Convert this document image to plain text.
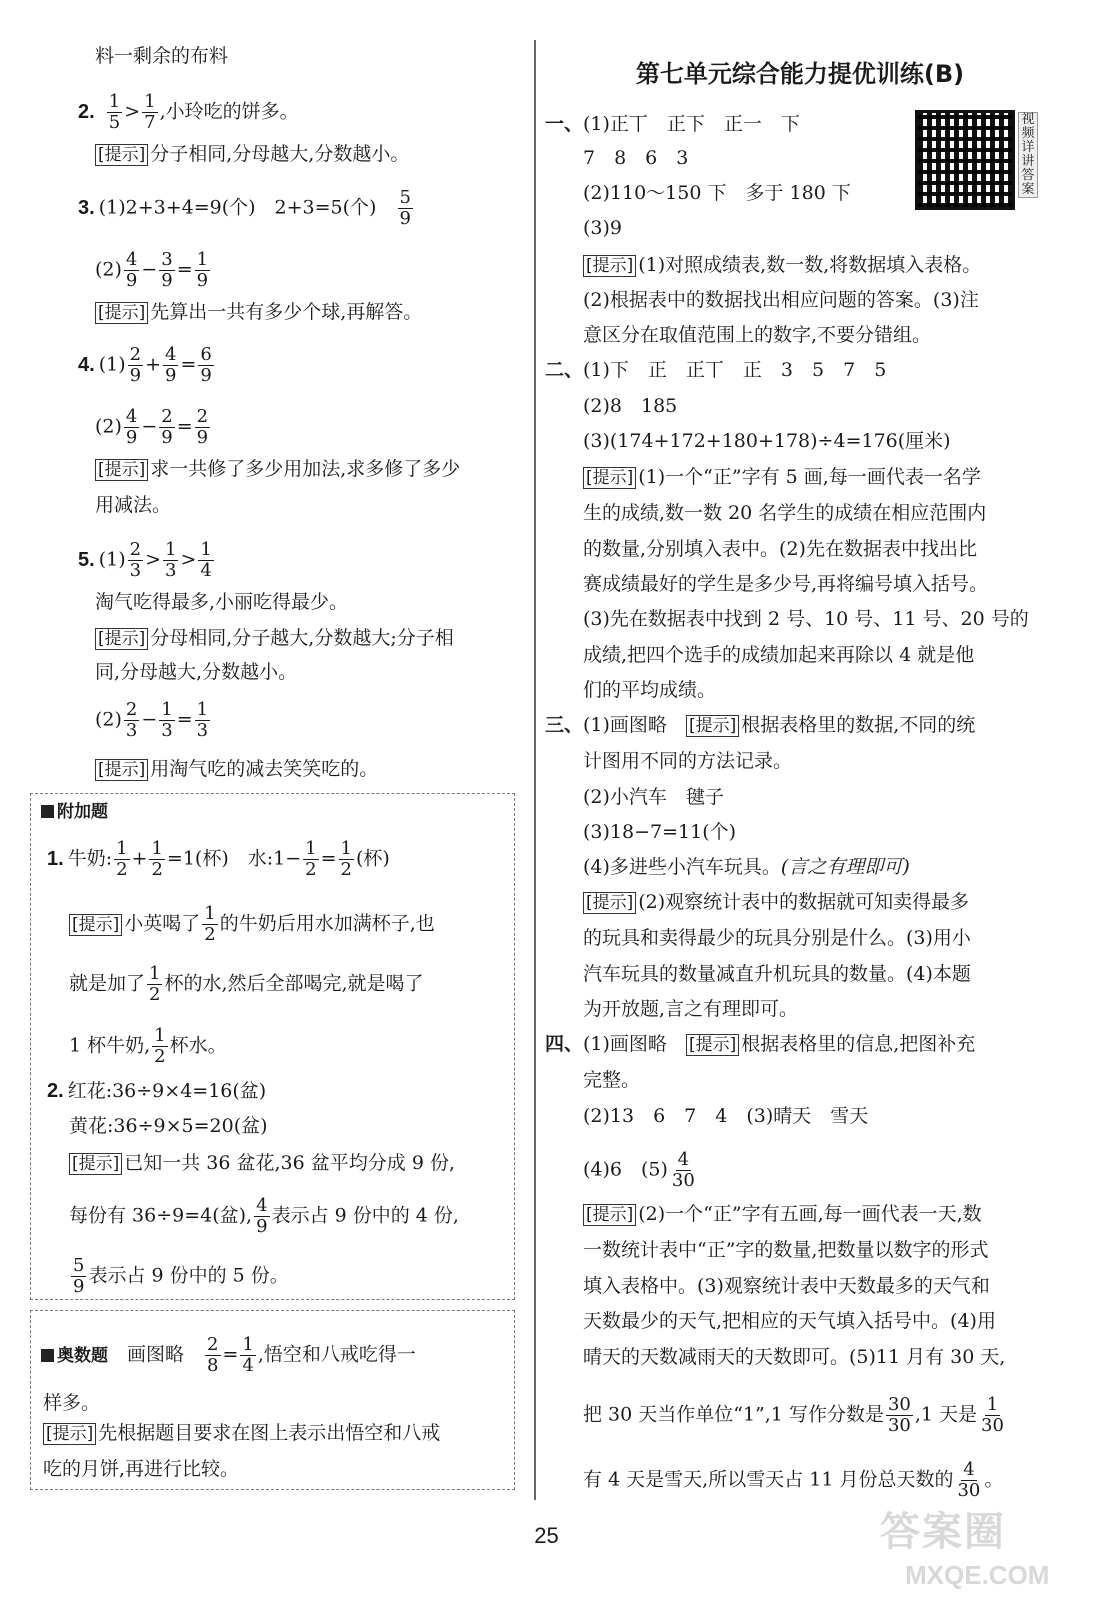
料一剩余的布料
2. $\frac{1}{5} > \frac{1}{7}$ ,小玲吃的饼多。
[提示] 分子相同,分母越大,分数越小。
3. (1)2+3+4=9(个)　2+3=5(个)　 $\frac{5}{9}$
$(2) \frac{4}{9} - \frac{3}{9} = \frac{1}{9}$
[提示] 先算出一共有多少个球,再解答。
4. $(1) \frac{2}{9} + \frac{4}{9} = \frac{6}{9}$
$(2) \frac{4}{9} - \frac{2}{9} = \frac{2}{9}$
[提示] 求一共修了多少用加法,求多修了多少
用减法。
5. $(1) \frac{2}{3} > \frac{1}{3} > \frac{1}{4}$
淘气吃得最多,小丽吃得最少。
[提示] 分母相同,分子越大,分数越大;分子相
同,分母越大,分数越小。
$(2) \frac{2}{3} - \frac{1}{3} = \frac{1}{3}$
[提示] 用淘气吃的减去笑笑吃的。
附加题
1. 牛奶: $\frac{1}{2} + \frac{1}{2} =1$(杯)　水:1− $\frac{1}{2} = \frac{1}{2}$ (杯)
[提示] 小英喝了 $\frac{1}{2}$ 的牛奶后用水加满杯子,也
就是加了 $\frac{1}{2}$ 杯的水,然后全部喝完,就是喝了
1 杯牛奶, $\frac{1}{2}$ 杯水。
2. 红花:36÷9×4=16(盆)
黄花:36÷9×5=20(盆)
[提示] 已知一共 36 盆花,36 盆平均分成 9 份,
每份有 36÷9=4(盆), $\frac{4}{9}$ 表示占 9 份中的 4 份,
$\frac{5}{9}$ 表示占 9 份中的 5 份。
奥数题　 画图略　 $\frac{2}{8} = \frac{1}{4}$ ,悟空和八戒吃得一
样多。
[提示] 先根据题目要求在图上表示出悟空和八戒
吃的月饼,再进行比较。
第七单元综合能力提优训练(B)
视频详讲答案
一、(1)正丅　正下　正一　下
7　8　6　3
(2)110～150 下　多于 180 下
(3)9
[提示] (1)对照成绩表,数一数,将数据填入表格。
(2)根据表中的数据找出相应问题的答案。(3)注
意区分在取值范围上的数字,不要分错组。
二、(1)下　正　正丅　正　3　5　7　5
(2)8　185
(3)(174+172+180+178)÷4=176(厘米)
[提示] (1)一个“正”字有 5 画,每一画代表一名学
生的成绩,数一数 20 名学生的成绩在相应范围内
的数量,分别填入表中。(2)先在数据表中找出比
赛成绩最好的学生是多少号,再将编号填入括号。
(3)先在数据表中找到 2 号、10 号、11 号、20 号的
成绩,把四个选手的成绩加起来再除以 4 就是他
们的平均成绩。
三、(1)画图略　 [提示] 根据表格里的数据,不同的统
计图用不同的方法记录。
(2)小汽车　毽子
(3)18−7=11(个)
(4)多进些小汽车玩具。(言之有理即可)
[提示] (2)观察统计表中的数据就可知卖得最多
的玩具和卖得最少的玩具分别是什么。(3)用小
汽车玩具的数量减直升机玩具的数量。(4)本题
为开放题,言之有理即可。
四、(1)画图略　 [提示] 根据表格里的信息,把图补充
完整。
(2)13　6　7　4　(3)晴天　雪天
(4)6　$(5) \frac{4}{30}$
[提示] (2)一个“正”字有五画,每一画代表一天,数
一数统计表中“正”字的数量,把数量以数字的形式
填入表格中。(3)观察统计表中天数最多的天气和
天数最少的天气,把相应的天气填入括号中。(4)用
晴天的天数减雨天的天数即可。(5)11 月有 30 天,
把 30 天当作单位“1”,1 写作分数是 $\frac{30}{30} ,1$ 天是 $\frac{1}{30}$
有 4 天是雪天,所以雪天占 11 月份总天数的 $\frac{4}{30}$ 。
25	答案圈
MXQE.COM
